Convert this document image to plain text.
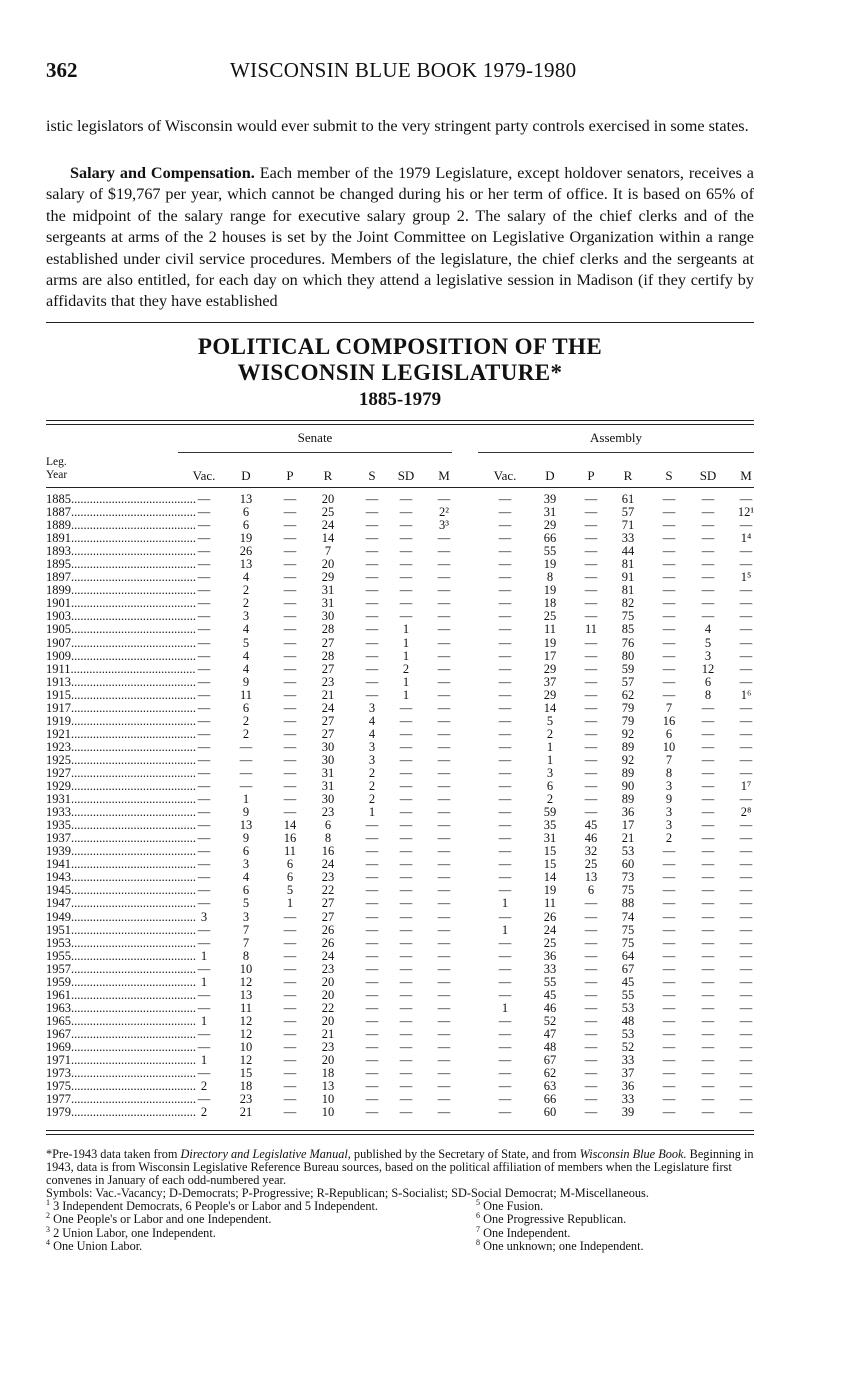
362	WISCONSIN BLUE BOOK 1979-1980

istic legislators of Wisconsin would ever submit to the very stringent party controls exercised in some states.

Salary and Compensation. Each member of the 1979 Legislature, except holdover senators, receives a salary of $19,767 per year, which cannot be changed during his or her term of office. It is based on 65% of the midpoint of the salary range for executive salary group 2. The salary of the chief clerks and of the sergeants at arms of the 2 houses is set by the Joint Committee on Legislative Organization within a range established under civil service procedures. Members of the legislature, the chief clerks and the sergeants at arms are also entitled, for each day on which they attend a legislative session in Madison (if they certify by affidavits that they have established

POLITICAL COMPOSITION OF THE
WISCONSIN LEGISLATURE*
1885-1979
Senate	Assembly
Leg.
Year	Vac.	D	P	R	S	SD	M	Vac.	D	P	R	S	SD	M
1885........................................ —	13	—	20	—	—	—	—	39	—	61	—	—	—
1887........................................ —	6	—	25	—	—	2²	—	31	—	57	—	—	12¹
1889........................................ —	6	—	24	—	—	3³	—	29	—	71	—	—	—
1891........................................ —	19	—	14	—	—	—	—	66	—	33	—	—	1⁴
1893........................................ —	26	—	7	—	—	—	—	55	—	44	—	—	—
1895........................................ —	13	—	20	—	—	—	—	19	—	81	—	—	—
1897........................................ —	4	—	29	—	—	—	—	8	—	91	—	—	1⁵
1899........................................ —	2	—	31	—	—	—	—	19	—	81	—	—	—
1901........................................ —	2	—	31	—	—	—	—	18	—	82	—	—	—
1903........................................ —	3	—	30	—	—	—	—	25	—	75	—	—	—
1905........................................ —	4	—	28	—	1	—	—	11	11	85	—	4	—
1907........................................ —	5	—	27	—	1	—	—	19	—	76	—	5	—
1909........................................ —	4	—	28	—	1	—	—	17	—	80	—	3	—
1911........................................ —	4	—	27	—	2	—	—	29	—	59	—	12	—
1913........................................ —	9	—	23	—	1	—	—	37	—	57	—	6	—
1915........................................ —	11	—	21	—	1	—	—	29	—	62	—	8	1⁶
1917........................................ —	6	—	24	3	—	—	—	14	—	79	7	—	—
1919........................................ —	2	—	27	4	—	—	—	5	—	79	16	—	—
1921........................................ —	2	—	27	4	—	—	—	2	—	92	6	—	—
1923........................................ —	—	—	30	3	—	—	—	1	—	89	10	—	—
1925........................................ —	—	—	30	3	—	—	—	1	—	92	7	—	—
1927........................................ —	—	—	31	2	—	—	—	3	—	89	8	—	—
1929........................................ —	—	—	31	2	—	—	—	6	—	90	3	—	1⁷
1931........................................ —	1	—	30	2	—	—	—	2	—	89	9	—	—
1933........................................ —	9	—	23	1	—	—	—	59	—	36	3	—	2⁸
1935........................................ —	13	14	6	—	—	—	—	35	45	17	3	—	—
1937........................................ —	9	16	8	—	—	—	—	31	46	21	2	—	—
1939........................................ —	6	11	16	—	—	—	—	15	32	53	—	—	—
1941........................................ —	3	6	24	—	—	—	—	15	25	60	—	—	—
1943........................................ —	4	6	23	—	—	—	—	14	13	73	—	—	—
1945........................................ —	6	5	22	—	—	—	—	19	6	75	—	—	—
1947........................................ —	5	1	27	—	—	—	1	11	—	88	—	—	—
1949........................................ 3	3	—	27	—	—	—	—	26	—	74	—	—	—
1951........................................ —	7	—	26	—	—	—	1	24	—	75	—	—	—
1953........................................ —	7	—	26	—	—	—	—	25	—	75	—	—	—
1955........................................ 1	8	—	24	—	—	—	—	36	—	64	—	—	—
1957........................................ —	10	—	23	—	—	—	—	33	—	67	—	—	—
1959........................................ 1	12	—	20	—	—	—	—	55	—	45	—	—	—
1961........................................ —	13	—	20	—	—	—	—	45	—	55	—	—	—
1963........................................ —	11	—	22	—	—	—	1	46	—	53	—	—	—
1965........................................ 1	12	—	20	—	—	—	—	52	—	48	—	—	—
1967........................................ —	12	—	21	—	—	—	—	47	—	53	—	—	—
1969........................................ —	10	—	23	—	—	—	—	48	—	52	—	—	—
1971........................................ 1	12	—	20	—	—	—	—	67	—	33	—	—	—
1973........................................ —	15	—	18	—	—	—	—	62	—	37	—	—	—
1975........................................ 2	18	—	13	—	—	—	—	63	—	36	—	—	—
1977........................................ —	23	—	10	—	—	—	—	66	—	33	—	—	—
1979........................................ 2	21	—	10	—	—	—	—	60	—	39	—	—	—

*Pre-1943 data taken from Directory and Legislative Manual, published by the Secretary of State, and from Wisconsin Blue Book. Beginning in 1943, data is from Wisconsin Legislative Reference Bureau sources, based on the political affiliation of members when the Legislature first convenes in January of each odd-numbered year.

Symbols: Vac.-Vacancy; D-Democrats; P-Progressive; R-Republican; S-Socialist; SD-Social Democrat; M-Miscellaneous.

$^1$ 3 Independent Democrats, 6 People's or Labor and 5 Independent.
$^2$ One People's or Labor and one Independent.
$^3$ 2 Union Labor, one Independent.
$^4$ One Union Labor.
$^5$ One Fusion.
$^6$ One Progressive Republican.
$^7$ One Independent.
$^8$ One unknown; one Independent.
